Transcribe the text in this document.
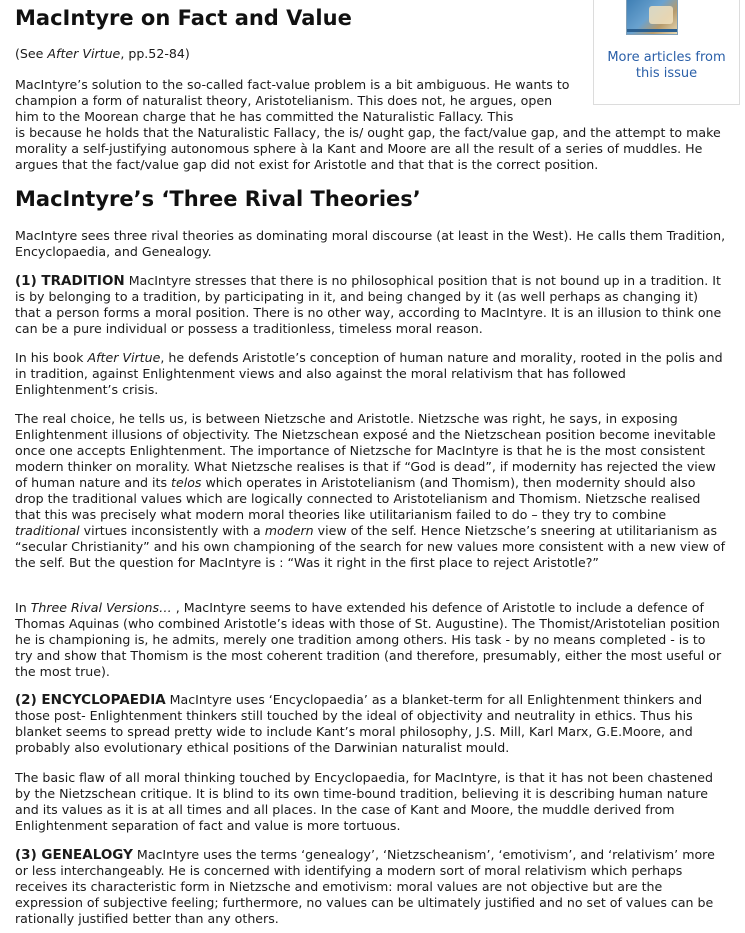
More articles from this issue
MacIntyre on Fact and Value

(See After Virtue, pp.52-84)

MacIntyre’s solution to the so-called fact-value problem is a bit ambiguous. He wants to champion a form of naturalist theory, Aristotelianism. This does not, he argues, open him to the Moorean charge that he has committed the Naturalistic Fallacy. This

is because he holds that the Naturalistic Fallacy, the is/ ought gap, the fact/value gap, and the attempt to make morality a self-justifying autonomous sphere à la Kant and Moore are all the result of a series of muddles. He argues that the fact/value gap did not exist for Aristotle and that that is the correct position.

MacIntyre’s ‘Three Rival Theories’

MacIntyre sees three rival theories as dominating moral discourse (at least in the West). He calls them Tradition, Encyclopaedia, and Genealogy.

(1) TRADITION MacIntyre stresses that there is no philosophical position that is not bound up in a tradition. It is by belonging to a tradition, by participating in it, and being changed by it (as well perhaps as changing it) that a person forms a moral position. There is no other way, according to MacIntyre. It is an illusion to think one can be a pure individual or possess a traditionless, timeless moral reason.

In his book After Virtue, he defends Aristotle’s conception of human nature and morality, rooted in the polis and in tradition, against Enlightenment views and also against the moral relativism that has followed Enlightenment’s crisis.

The real choice, he tells us, is between Nietzsche and Aristotle. Nietzsche was right, he says, in exposing Enlightenment illusions of objectivity. The Nietzschean exposé and the Nietzschean position become inevitable once one accepts Enlightenment. The importance of Nietzsche for MacIntyre is that he is the most consistent modern thinker on morality. What Nietzsche realises is that if “God is dead”, if modernity has rejected the view of human nature and its telos which operates in Aristotelianism (and Thomism), then modernity should also drop the traditional values which are logically connected to Aristotelianism and Thomism. Nietzsche realised that this was precisely what modern moral theories like utilitarianism failed to do – they try to combine traditional virtues inconsistently with a modern view of the self. Hence Nietzsche’s sneering at utilitarianism as “secular Christianity” and his own championing of the search for new values more consistent with a new view of the self. But the question for MacIntyre is : “Was it right in the first place to reject Aristotle?”

In Three Rival Versions… , MacIntyre seems to have extended his defence of Aristotle to include a defence of Thomas Aquinas (who combined Aristotle’s ideas with those of St. Augustine). The Thomist/Aristotelian position he is championing is, he admits, merely one tradition among others. His task - by no means completed - is to try and show that Thomism is the most coherent tradition (and therefore, presumably, either the most useful or the most true).

(2) ENCYCLOPAEDIA MacIntyre uses ‘Encyclopaedia’ as a blanket-term for all Enlightenment thinkers and those post- Enlightenment thinkers still touched by the ideal of objectivity and neutrality in ethics. Thus his blanket seems to spread pretty wide to include Kant’s moral philosophy, J.S. Mill, Karl Marx, G.E.Moore, and probably also evolutionary ethical positions of the Darwinian naturalist mould.

The basic flaw of all moral thinking touched by Encyclopaedia, for MacIntyre, is that it has not been chastened by the Nietzschean critique. It is blind to its own time-bound tradition, believing it is describing human nature and its values as it is at all times and all places. In the case of Kant and Moore, the muddle derived from Enlightenment separation of fact and value is more tortuous.

(3) GENEALOGY MacIntyre uses the terms ‘genealogy’, ‘Nietzscheanism’, ‘emotivism’, and ‘relativism’ more or less interchangeably. He is concerned with identifying a modern sort of moral relativism which perhaps receives its characteristic form in Nietzsche and emotivism: moral values are not objective but are the expression of subjective feeling; furthermore, no values can be ultimately justified and no set of values can be rationally justified better than any others.
